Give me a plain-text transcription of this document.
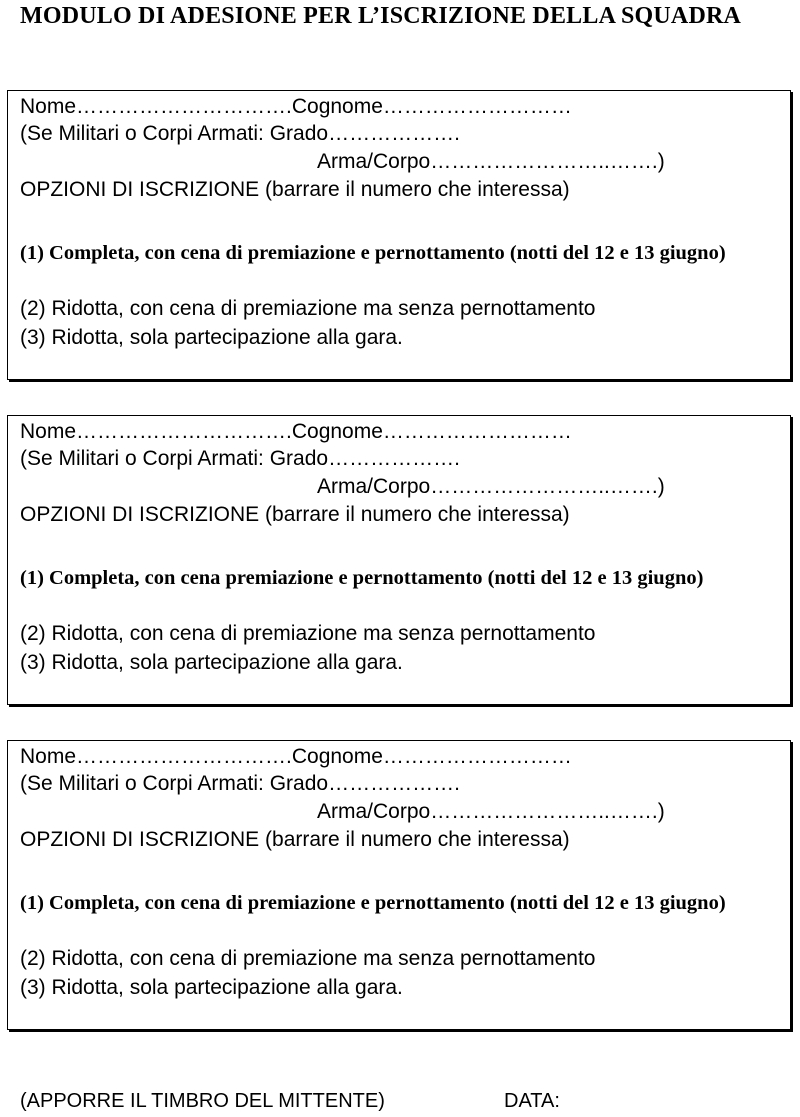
MODULO DI ADESIONE PER L’ISCRIZIONE DELLA SQUADRA
Nome………………………….Cognome………………………
(Se Militari o Corpi Armati: Grado……………….
Arma/Corpo……………………..…….)
OPZIONI DI ISCRIZIONE (barrare il numero che interessa)
(1) Completa, con cena di premiazione e pernottamento (notti del 12 e 13 giugno)
(2) Ridotta, con cena di premiazione ma senza pernottamento
(3) Ridotta, sola partecipazione alla gara.
Nome………………………….Cognome………………………
(Se Militari o Corpi Armati: Grado……………….
Arma/Corpo……………………..…….)
OPZIONI DI ISCRIZIONE (barrare il numero che interessa)
(1) Completa, con cena premiazione e pernottamento (notti del 12 e 13 giugno)
(2) Ridotta, con cena di premiazione ma senza pernottamento
(3) Ridotta, sola partecipazione alla gara.
Nome………………………….Cognome………………………
(Se Militari o Corpi Armati: Grado……………….
Arma/Corpo……………………..…….)
OPZIONI DI ISCRIZIONE (barrare il numero che interessa)
(1) Completa, con cena di premiazione e pernottamento (notti del 12 e 13 giugno)
(2) Ridotta, con cena di premiazione ma senza pernottamento
(3) Ridotta, sola partecipazione alla gara.
(APPORRE IL TIMBRO DEL MITTENTE)	DATA:
